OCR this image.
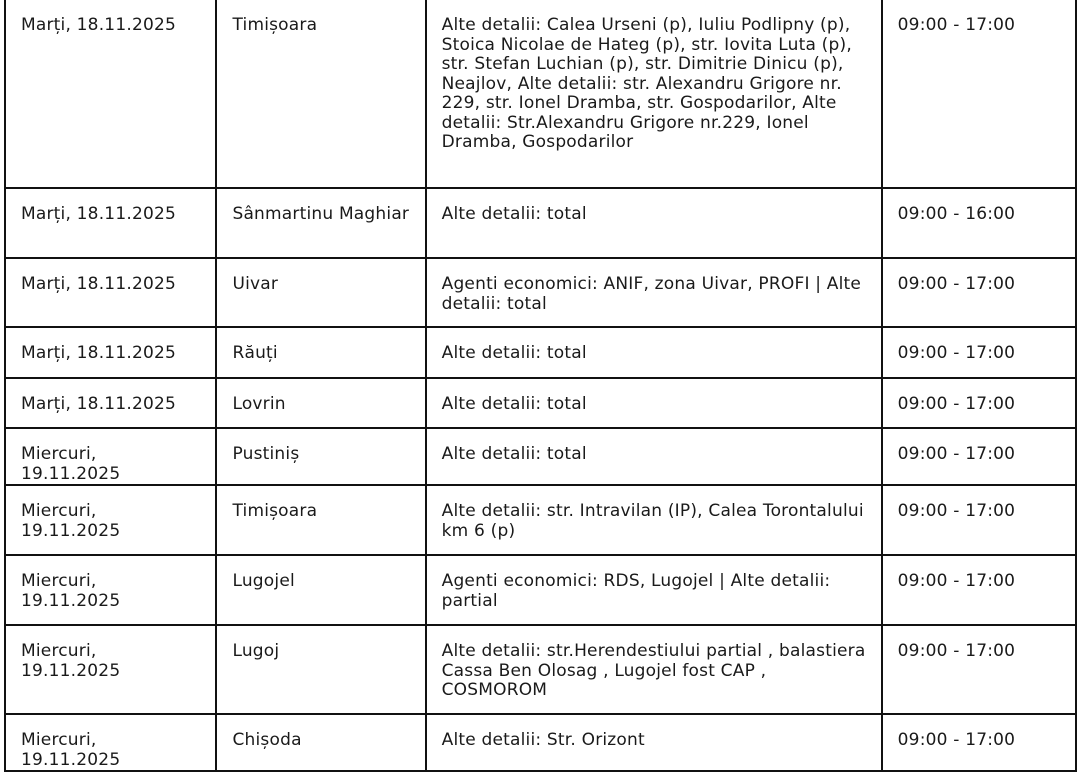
Marți, 18.11.2025	Timișoara	Alte detalii: Calea Urseni (p), Iuliu Podlipny (p), Stoica Nicolae de Hateg (p), str. Iovita Luta (p), str. Stefan Luchian (p), str. Dimitrie Dinicu (p), Neajlov, Alte detalii: str. Alexandru Grigore nr. 229, str. Ionel Dramba, str. Gospodarilor, Alte detalii: Str.Alexandru Grigore nr.229, Ionel Dramba, Gospodarilor	09:00 - 17:00
Marți, 18.11.2025	Sânmartinu Maghiar	Alte detalii: total	09:00 - 16:00
Marți, 18.11.2025	Uivar	Agenti economici: ANIF, zona Uivar, PROFI | Alte detalii: total	09:00 - 17:00
Marți, 18.11.2025	Răuți	Alte detalii: total	09:00 - 17:00
Marți, 18.11.2025	Lovrin	Alte detalii: total	09:00 - 17:00
Miercuri, 19.11.2025	Pustiniș	Alte detalii: total	09:00 - 17:00
Miercuri, 19.11.2025	Timișoara	Alte detalii: str. Intravilan (IP), Calea Torontalului km 6 (p)	09:00 - 17:00
Miercuri, 19.11.2025	Lugojel	Agenti economici: RDS, Lugojel | Alte detalii: partial	09:00 - 17:00
Miercuri, 19.11.2025	Lugoj	Alte detalii: str.Herendestiului partial , balastiera Cassa Ben Olosag , Lugojel fost CAP , COSMOROM	09:00 - 17:00
Miercuri, 19.11.2025	Chișoda	Alte detalii: Str. Orizont	09:00 - 17:00
